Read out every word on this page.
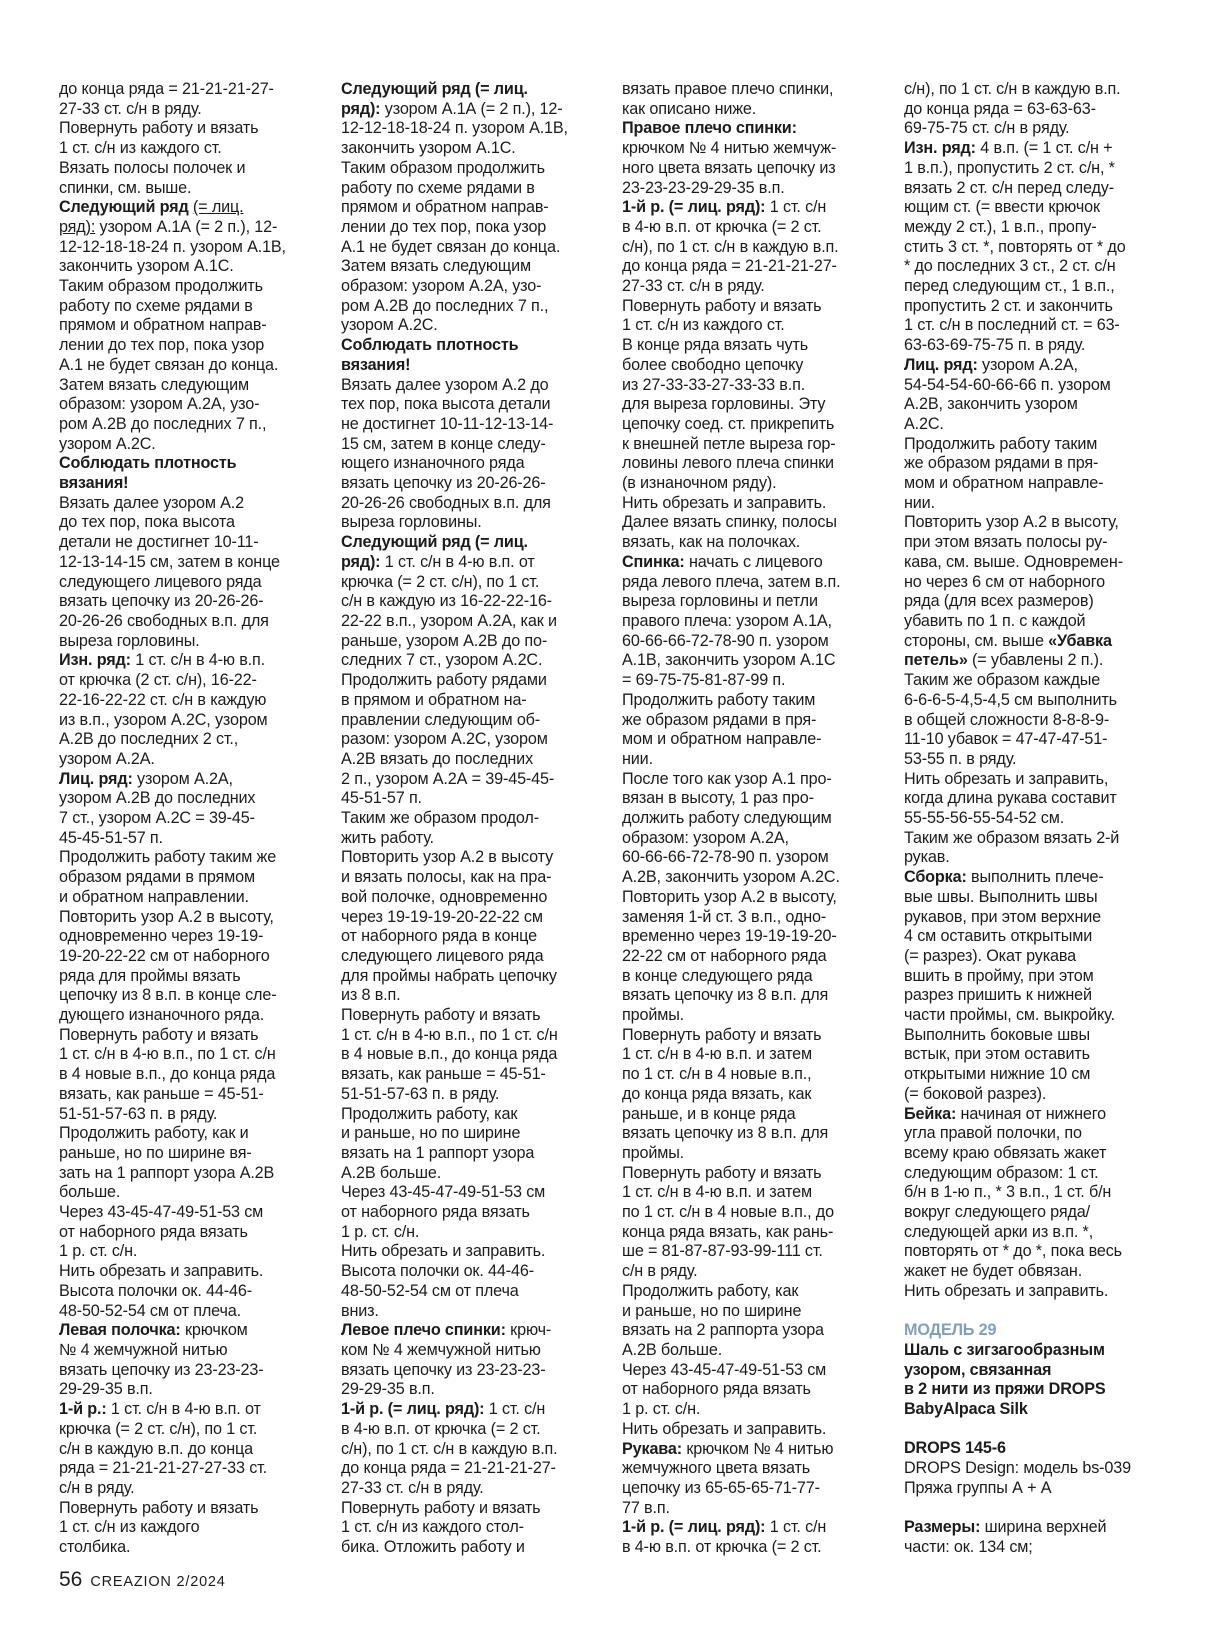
до конца ряда = 21-21-21-27-

27-33 ст. с/н в ряду.

Повернуть работу и вязать

1 ст. с/н из каждого ст.

Вязать полосы полочек и

спинки, см. выше.

Следующий ряд (= лиц.

ряд): узором А.1А (= 2 п.), 12-

12-12-18-18-24 п. узором А.1В,

закончить узором А.1С.

Таким образом продолжить

работу по схеме рядами в

прямом и обратном направ-

лении до тех пор, пока узор

А.1 не будет связан до конца.

Затем вязать следующим

образом: узором А.2А, узо-

ром А.2В до последних 7 п.,

узором А.2С.

Соблюдать плотность

вязания!

Вязать далее узором А.2

до тех пор, пока высота

детали не достигнет 10-11-

12-13-14-15 см, затем в конце

следующего лицевого ряда

вязать цепочку из 20-26-26-

20-26-26 свободных в.п. для

выреза горловины.

Изн. ряд: 1 ст. с/н в 4-ю в.п.

от крючка (2 ст. с/н), 16-22-

22-16-22-22 ст. с/н в каждую

из в.п., узором А.2С, узором

А.2В до последних 2 ст.,

узором А.2А.

Лиц. ряд: узором А.2А,

узором А.2В до последних

7 ст., узором А.2С = 39-45-

45-45-51-57 п.

Продолжить работу таким же

образом рядами в прямом

и обратном направлении.

Повторить узор А.2 в высоту,

одновременно через 19-19-

19-20-22-22 см от наборного

ряда для проймы вязать

цепочку из 8 в.п. в конце сле-

дующего изнаночного ряда.

Повернуть работу и вязать

1 ст. с/н в 4-ю в.п., по 1 ст. с/н

в 4 новые в.п., до конца ряда

вязать, как раньше = 45-51-

51-51-57-63 п. в ряду.

Продолжить работу, как и

раньше, но по ширине вя-

зать на 1 раппорт узора А.2В

больше.

Через 43-45-47-49-51-53 см

от наборного ряда вязать

1 р. ст. с/н.

Нить обрезать и заправить.

Высота полочки ок. 44-46-

48-50-52-54 см от плеча.

Левая полочка: крючком

№ 4 жемчужной нитью

вязать цепочку из 23-23-23-

29-29-35 в.п.

1-й р.: 1 ст. с/н в 4-ю в.п. от

крючка (= 2 ст. с/н), по 1 ст.

с/н в каждую в.п. до конца

ряда = 21-21-21-27-27-33 ст.

с/н в ряду.

Повернуть работу и вязать

1 ст. с/н из каждого

столбика.

Следующий ряд (= лиц.

ряд): узором А.1А (= 2 п.), 12-

12-12-18-18-24 п. узором А.1В,

закончить узором А.1С.

Таким образом продолжить

работу по схеме рядами в

прямом и обратном направ-

лении до тех пор, пока узор

А.1 не будет связан до конца.

Затем вязать следующим

образом: узором А.2А, узо-

ром А.2В до последних 7 п.,

узором А.2С.

Соблюдать плотность

вязания!

Вязать далее узором А.2 до

тех пор, пока высота детали

не достигнет 10-11-12-13-14-

15 см, затем в конце следу-

ющего изнаночного ряда

вязать цепочку из 20-26-26-

20-26-26 свободных в.п. для

выреза горловины.

Следующий ряд (= лиц.

ряд): 1 ст. с/н в 4-ю в.п. от

крючка (= 2 ст. с/н), по 1 ст.

с/н в каждую из 16-22-22-16-

22-22 в.п., узором А.2А, как и

раньше, узором А.2В до по-

следних 7 ст., узором А.2С.

Продолжить работу рядами

в прямом и обратном на-

правлении следующим об-

разом: узором А.2С, узором

А.2В вязать до последних

2 п., узором А.2А = 39-45-45-

45-51-57 п.

Таким же образом продол-

жить работу.

Повторить узор А.2 в высоту

и вязать полосы, как на пра-

вой полочке, одновременно

через 19-19-19-20-22-22 см

от наборного ряда в конце

следующего лицевого ряда

для проймы набрать цепочку

из 8 в.п.

Повернуть работу и вязать

1 ст. с/н в 4-ю в.п., по 1 ст. с/н

в 4 новые в.п., до конца ряда

вязать, как раньше = 45-51-

51-51-57-63 п. в ряду.

Продолжить работу, как

и раньше, но по ширине

вязать на 1 раппорт узора

А.2В больше.

Через 43-45-47-49-51-53 см

от наборного ряда вязать

1 р. ст. с/н.

Нить обрезать и заправить.

Высота полочки ок. 44-46-

48-50-52-54 см от плеча

вниз.

Левое плечо спинки: крюч-

ком № 4 жемчужной нитью

вязать цепочку из 23-23-23-

29-29-35 в.п.

1-й р. (= лиц. ряд): 1 ст. с/н

в 4-ю в.п. от крючка (= 2 ст.

с/н), по 1 ст. с/н в каждую в.п.

до конца ряда = 21-21-21-27-

27-33 ст. с/н в ряду.

Повернуть работу и вязать

1 ст. с/н из каждого стол-

бика. Отложить работу и

вязать правое плечо спинки,

как описано ниже.

Правое плечо спинки:

крючком № 4 нитью жемчуж-

ного цвета вязать цепочку из

23-23-23-29-29-35 в.п.

1-й р. (= лиц. ряд): 1 ст. с/н

в 4-ю в.п. от крючка (= 2 ст.

с/н), по 1 ст. с/н в каждую в.п.

до конца ряда = 21-21-21-27-

27-33 ст. с/н в ряду.

Повернуть работу и вязать

1 ст. с/н из каждого ст.

В конце ряда вязать чуть

более свободно цепочку

из 27-33-33-27-33-33 в.п.

для выреза горловины. Эту

цепочку соед. ст. прикрепить

к внешней петле выреза гор-

ловины левого плеча спинки

(в изнаночном ряду).

Нить обрезать и заправить.

Далее вязать спинку, полосы

вязать, как на полочках.

Спинка: начать с лицевого

ряда левого плеча, затем в.п.

выреза горловины и петли

правого плеча: узором А.1А,

60-66-66-72-78-90 п. узором

А.1В, закончить узором А.1С

= 69-75-75-81-87-99 п.

Продолжить работу таким

же образом рядами в пря-

мом и обратном направле-

нии.

После того как узор А.1 про-

вязан в высоту, 1 раз про-

должить работу следующим

образом: узором А.2А,

60-66-66-72-78-90 п. узором

А.2В, закончить узором А.2С.

Повторить узор А.2 в высоту,

заменяя 1-й ст. 3 в.п., одно-

временно через 19-19-19-20-

22-22 см от наборного ряда

в конце следующего ряда

вязать цепочку из 8 в.п. для

проймы.

Повернуть работу и вязать

1 ст. с/н в 4-ю в.п. и затем

по 1 ст. с/н в 4 новые в.п.,

до конца ряда вязать, как

раньше, и в конце ряда

вязать цепочку из 8 в.п. для

проймы.

Повернуть работу и вязать

1 ст. с/н в 4-ю в.п. и затем

по 1 ст. с/н в 4 новые в.п., до

конца ряда вязать, как рань-

ше = 81-87-87-93-99-111 ст.

с/н в ряду.

Продолжить работу, как

и раньше, но по ширине

вязать на 2 раппорта узора

А.2В больше.

Через 43-45-47-49-51-53 см

от наборного ряда вязать

1 р. ст. с/н.

Нить обрезать и заправить.

Рукава: крючком № 4 нитью

жемчужного цвета вязать

цепочку из 65-65-65-71-77-

77 в.п.

1-й р. (= лиц. ряд): 1 ст. с/н

в 4-ю в.п. от крючка (= 2 ст.

с/н), по 1 ст. с/н в каждую в.п.

до конца ряда = 63-63-63-

69-75-75 ст. с/н в ряду.

Изн. ряд: 4 в.п. (= 1 ст. с/н +

1 в.п.), пропустить 2 ст. с/н, *

вязать 2 ст. с/н перед следу-

ющим ст. (= ввести крючок

между 2 ст.), 1 в.п., пропу-

стить 3 ст. *, повторять от * до

* до последних 3 ст., 2 ст. с/н

перед следующим ст., 1 в.п.,

пропустить 2 ст. и закончить

1 ст. с/н в последний ст. = 63-

63-63-69-75-75 п. в ряду.

Лиц. ряд: узором А.2А,

54-54-54-60-66-66 п. узором

А.2В, закончить узором

А.2С.

Продолжить работу таким

же образом рядами в пря-

мом и обратном направле-

нии.

Повторить узор А.2 в высоту,

при этом вязать полосы ру-

кава, см. выше. Одновремен-

но через 6 см от наборного

ряда (для всех размеров)

убавить по 1 п. с каждой

стороны, см. выше «Убавка

петель» (= убавлены 2 п.).

Таким же образом каждые

6-6-6-5-4,5-4,5 см выполнить

в общей сложности 8-8-8-9-

11-10 убавок = 47-47-47-51-

53-55 п. в ряду.

Нить обрезать и заправить,

когда длина рукава составит

55-55-56-55-54-52 см.

Таким же образом вязать 2-й

рукав.

Сборка: выполнить плече-

вые швы. Выполнить швы

рукавов, при этом верхние

4 см оставить открытыми

(= разрез). Окат рукава

вшить в пройму, при этом

разрез пришить к нижней

части проймы, см. выкройку.

Выполнить боковые швы

встык, при этом оставить

открытыми нижние 10 см

(= боковой разрез).

Бейка: начиная от нижнего

угла правой полочки, по

всему краю обвязать жакет

следующим образом: 1 ст.

б/н в 1-ю п., * 3 в.п., 1 ст. б/н

вокруг следующего ряда/

следующей арки из в.п. *,

повторять от * до *, пока весь

жакет не будет обвязан.

Нить обрезать и заправить.

МОДЕЛЬ 29

Шаль с зигзагообразным

узором, связанная

в 2 нити из пряжи DROPS

BabyAlpaca Silk

DROPS 145-6

DROPS Design: модель bs-039

Пряжа группы А + А

Размеры: ширина верхней

части: ок. 134 см;

56 CREAZION 2/2024
